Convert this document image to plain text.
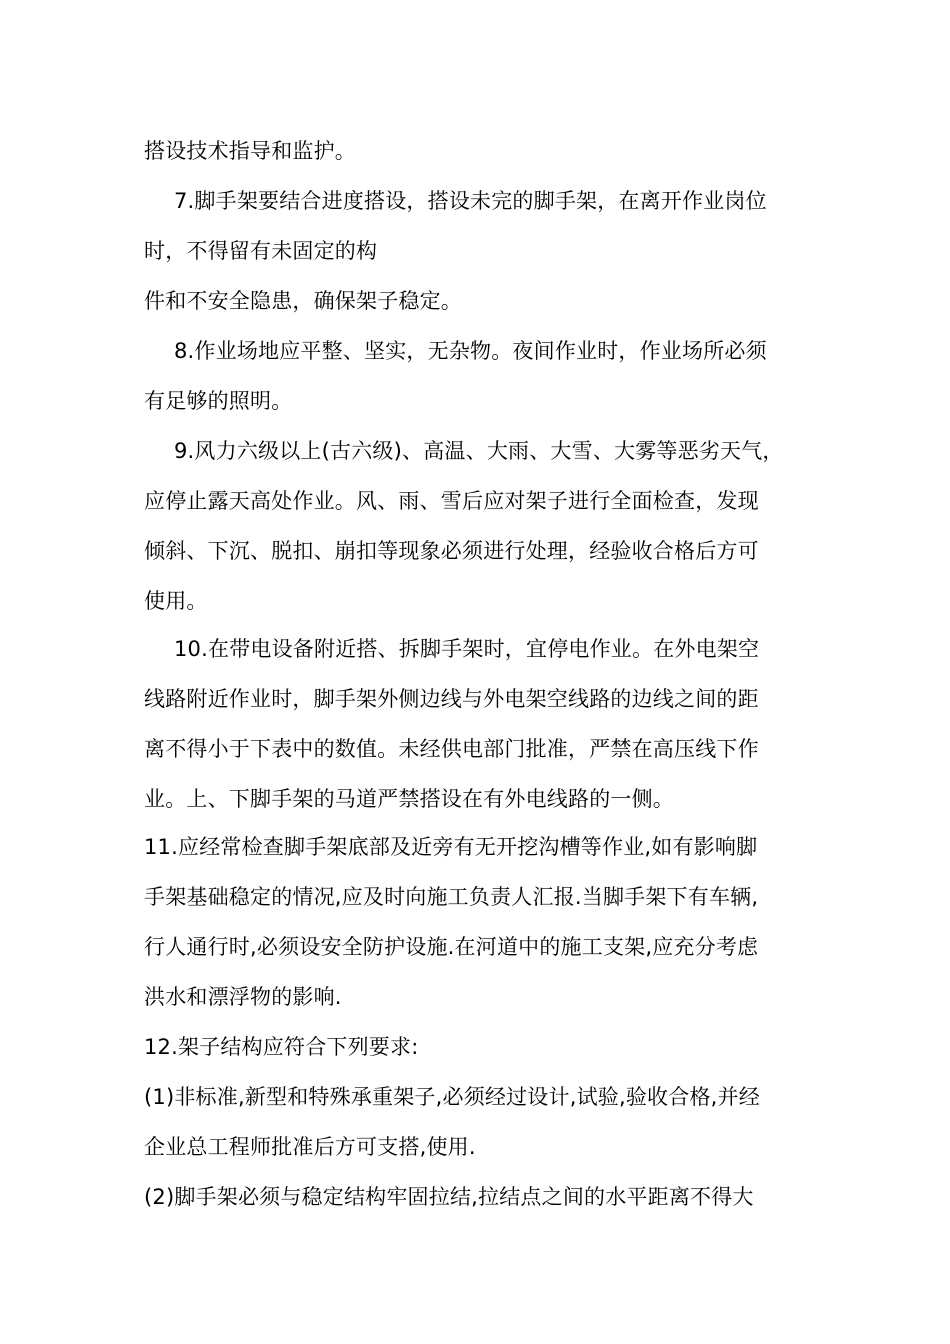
搭设技术指导和监护。
7.脚手架要结合进度搭设，搭设未完的脚手架，在离开作业岗位
时，不得留有未固定的构
件和不安全隐患，确保架子稳定。
8.作业场地应平整、坚实，无杂物。夜间作业时，作业场所必须
有足够的照明。
9.风力六级以上(古六级)、高温、大雨、大雪、大雾等恶劣天气，
应停止露天高处作业。风、雨、雪后应对架子进行全面检查，发现
倾斜、下沉、脱扣、崩扣等现象必须进行处理，经验收合格后方可
使用。
10.在带电设备附近搭、拆脚手架时，宜停电作业。在外电架空
线路附近作业时，脚手架外侧边线与外电架空线路的边线之间的距
离不得小于下表中的数值。未经供电部门批准，严禁在高压线下作
业。上、下脚手架的马道严禁搭设在有外电线路的一侧。
11.应经常检查脚手架底部及近旁有无开挖沟槽等作业,如有影响脚
手架基础稳定的情况,应及时向施工负责人汇报.当脚手架下有车辆,
行人通行时,必须设安全防护设施.在河道中的施工支架,应充分考虑
洪水和漂浮物的影响.
12.架子结构应符合下列要求:
(1)非标准,新型和特殊承重架子,必须经过设计,试验,验收合格,并经
企业总工程师批准后方可支搭,使用.
(2)脚手架必须与稳定结构牢固拉结,拉结点之间的水平距离不得大
